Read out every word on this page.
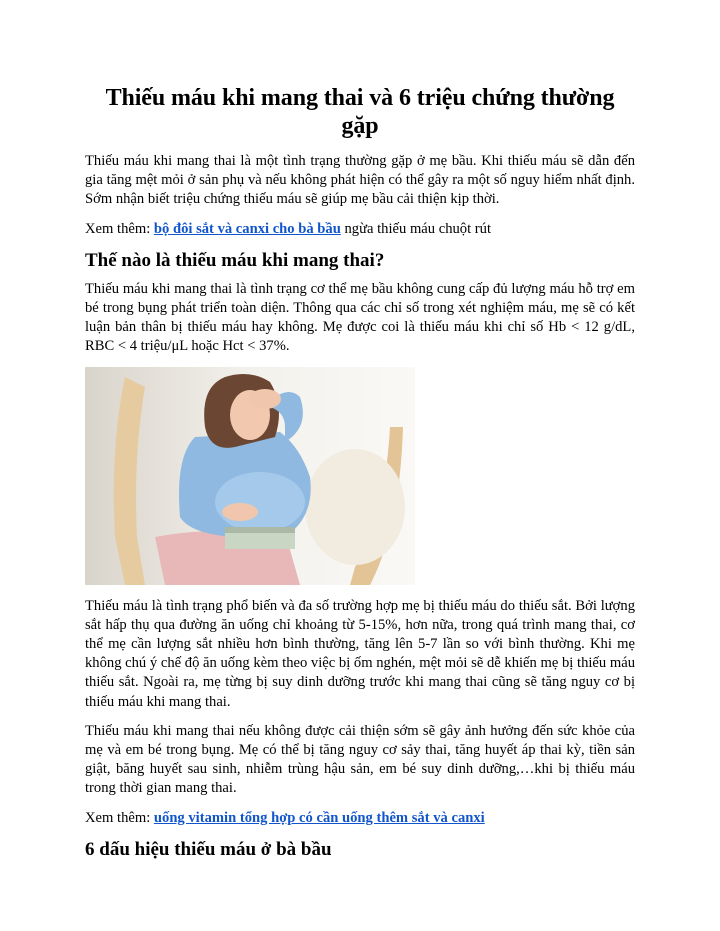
Thiếu máu khi mang thai và 6 triệu chứng thường gặp

Thiếu máu khi mang thai là một tình trạng thường gặp ở mẹ bầu. Khi thiếu máu sẽ dẫn đến gia tăng mệt mỏi ở sản phụ và nếu không phát hiện có thể gây ra một số nguy hiểm nhất định. Sớm nhận biết triệu chứng thiếu máu sẽ giúp mẹ bầu cải thiện kịp thời.

Xem thêm: bộ đôi sắt và canxi cho bà bầu ngừa thiếu máu chuột rút

Thế nào là thiếu máu khi mang thai?

Thiếu máu khi mang thai là tình trạng cơ thể mẹ bầu không cung cấp đủ lượng máu hỗ trợ em bé trong bụng phát triển toàn diện. Thông qua các chỉ số trong xét nghiệm máu, mẹ sẽ có kết luận bản thân bị thiếu máu hay không. Mẹ được coi là thiếu máu khi chỉ số Hb < 12 g/dL, RBC < 4 triệu/μL hoặc Hct < 37%.

Thiếu máu là tình trạng phổ biến và đa số trường hợp mẹ bị thiếu máu do thiếu sắt. Bởi lượng sắt hấp thụ qua đường ăn uống chỉ khoảng từ 5-15%, hơn nữa, trong quá trình mang thai, cơ thể mẹ cần lượng sắt nhiều hơn bình thường, tăng lên 5-7 lần so với bình thường. Khi mẹ không chú ý chế độ ăn uống kèm theo việc bị ốm nghén, mệt mỏi sẽ dễ khiến mẹ bị thiếu máu thiếu sắt. Ngoài ra, mẹ từng bị suy dinh dưỡng trước khi mang thai cũng sẽ tăng nguy cơ bị thiếu máu khi mang thai.

Thiếu máu khi mang thai nếu không được cải thiện sớm sẽ gây ảnh hưởng đến sức khỏe của mẹ và em bé trong bụng. Mẹ có thể bị tăng nguy cơ sảy thai, tăng huyết áp thai kỳ, tiền sản giật, băng huyết sau sinh, nhiễm trùng hậu sản, em bé suy dinh dưỡng,…khi bị thiếu máu trong thời gian mang thai.

Xem thêm: uống vitamin tổng hợp có cần uống thêm sắt và canxi

6 dấu hiệu thiếu máu ở bà bầu
